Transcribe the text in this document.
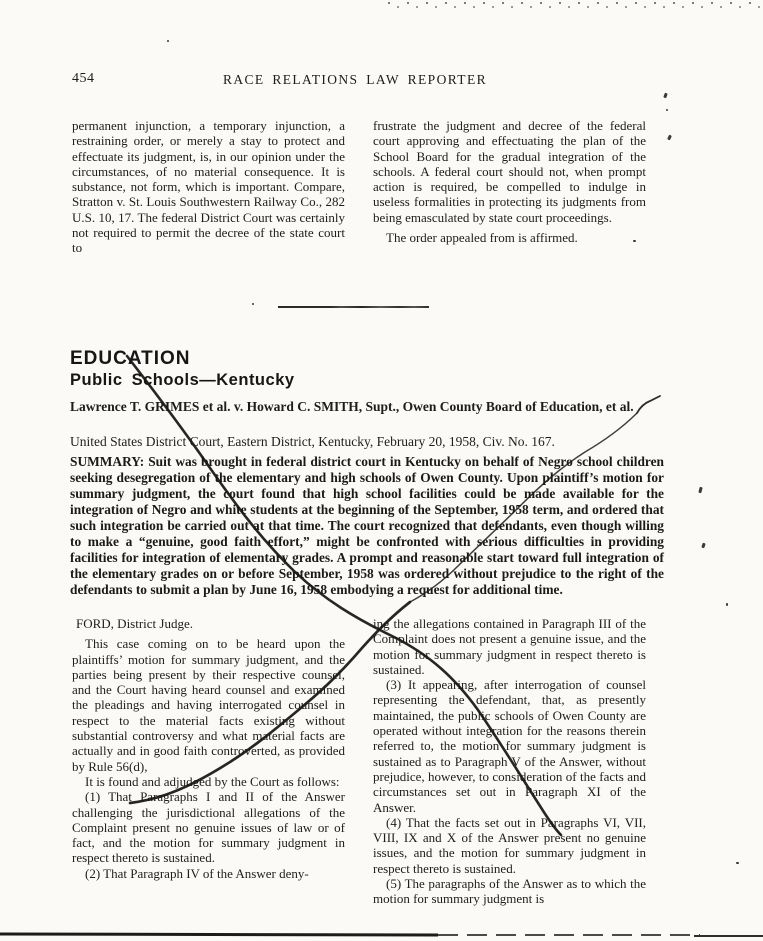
454	RACE RELATIONS LAW REPORTER

permanent injunction, a temporary injunction, a restraining order, or merely a stay to protect and effectuate its judgment, is, in our opinion under the circumstances, of no material consequence. It is substance, not form, which is important. Compare, Stratton v. St. Louis Southwestern Railway Co., 282 U.S. 10, 17. The federal District Court was certainly not required to permit the decree of the state court to

frustrate the judgment and decree of the federal court approving and effectuating the plan of the School Board for the gradual integration of the schools. A federal court should not, when prompt action is required, be compelled to indulge in useless formalities in protecting its judgments from being emasculated by state court proceedings.

The order appealed from is affirmed.

EDUCATION
Public Schools—Kentucky
Lawrence T. GRIMES et al. v. Howard C. SMITH, Supt., Owen County Board of Education, et al.
United States District Court, Eastern District, Kentucky, February 20, 1958, Civ. No. 167.
SUMMARY: Suit was brought in federal district court in Kentucky on behalf of Negro school children seeking desegregation of the elementary and high schools of Owen County. Upon plaintiff’s motion for summary judgment, the court found that high school facilities could be made available for the integration of Negro and white students at the beginning of the September, 1958 term, and ordered that such integration be carried out at that time. The court recognized that defendants, even though willing to make a “genuine, good faith effort,” might be confronted with serious difficulties in providing facilities for integration of elementary grades. A prompt and reasonable start toward full integration of the elementary grades on or before September, 1958 was ordered without prejudice to the right of the defendants to submit a plan by June 16, 1958 embodying a request for additional time.

FORD, District Judge.

This case coming on to be heard upon the plaintiffs’ motion for summary judgment, and the parties being present by their respective counsel, and the Court having heard counsel and examined the pleadings and having interrogated counsel in respect to the material facts existing without substantial controversy and what material facts are actually and in good faith controverted, as provided by Rule 56(d),

It is found and adjudged by the Court as follows:

(1) That Paragraphs I and II of the Answer challenging the jurisdictional allegations of the Complaint present no genuine issues of law or of fact, and the motion for summary judgment in respect thereto is sustained.

(2) That Paragraph IV of the Answer deny-

ing the allegations contained in Paragraph III of the Complaint does not present a genuine issue, and the motion for summary judgment in respect thereto is sustained.

(3) It appearing, after interrogation of counsel representing the defendant, that, as presently maintained, the public schools of Owen County are operated without integration for the reasons therein referred to, the motion for summary judgment is sustained as to Paragraph V of the Answer, without prejudice, however, to consideration of the facts and circumstances set out in Paragraph XI of the Answer.

(4) That the facts set out in Paragraphs VI, VII, VIII, IX and X of the Answer present no genuine issues, and the motion for summary judgment in respect thereto is sustained.

(5) The paragraphs of the Answer as to which the motion for summary judgment is
